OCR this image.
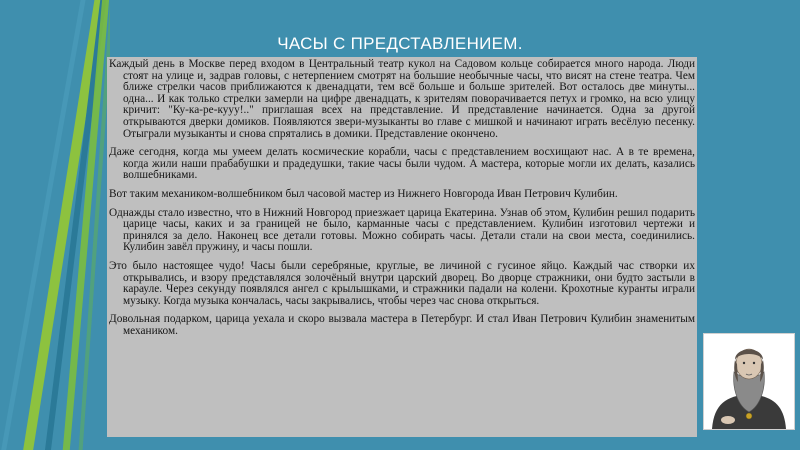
ЧАСЫ С ПРЕДСТАВЛЕНИЕМ.

Каждый день в Москве перед входом в Центральный театр кукол на Садовом кольце собирается много народа. Люди стоят на улице и, задрав головы, с нетерпением смотрят на большие необычные часы, что висят на стене театра. Чем ближе стрелки часов приближаются к двенадцати, тем всё больше и больше зрителей. Вот осталось две минуты... одна... И как только стрелки замерли на цифре двенадцать, к зрителям поворачивается петух и громко, на всю улицу кричит: "Ку-ка-ре-кууу!.." приглашая всех на представление. И представление начинается. Одна за другой открываются дверки домиков. Появляются звери-музыканты во главе с мишкой и начинают играть весёлую песенку. Отыграли музыканты и снова спрятались в домики. Представление окончено.

Даже сегодня, когда мы умеем делать космические корабли, часы с представлением восхищают нас. А в те времена, когда жили наши прабабушки и прадедушки, такие часы были чудом. А мастера, которые могли их делать, казались волшебниками.

Вот таким механиком-волшебником был часовой мастер из Нижнего Новгорода Иван Петрович Кулибин.

Однажды стало известно, что в Нижний Новгород приезжает царица Екатерина. Узнав об этом, Кулибин решил подарить царице часы, каких и за границей не было, карманные часы с представлением. Кулибин изготовил чертежи и принялся за дело. Наконец все детали готовы. Можно собирать часы. Детали стали на свои места, соединились. Кулибин завёл пружину, и часы пошли.

Это было настоящее чудо! Часы были серебряные, круглые, ве личиной с гусиное яйцо. Каждый час створки их открывались, и взору представлялся золочёный внутри царский дворец. Во дворце стражники, они будто застыли в карауле. Через секунду появлялся ангел с крылышками, и стражники падали на колени. Крохотные куранты играли музыку. Когда музыка кончалась, часы закрывались, чтобы через час снова открыться.

Довольная подарком, царица уехала и скоро вызвала мастера в Петербург. И стал Иван Петрович Кулибин знаменитым механиком.
